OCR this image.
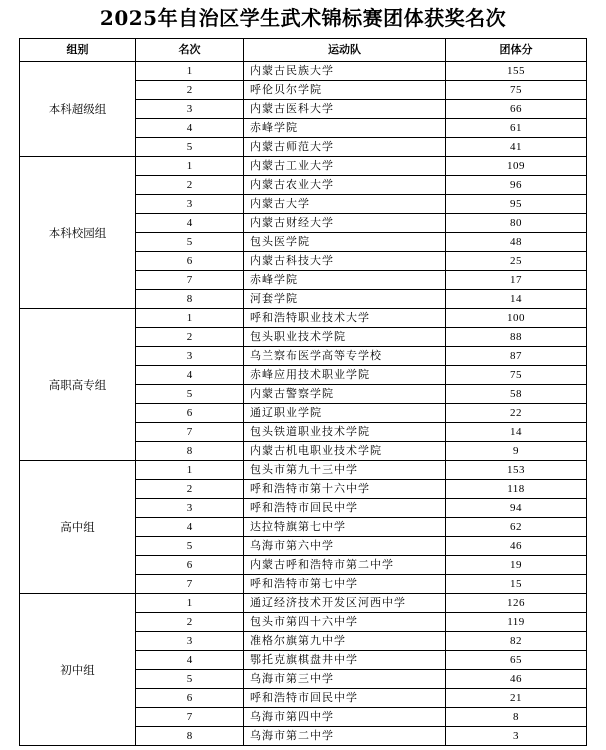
2025年自治区学生武术锦标赛团体获奖名次
组别	名次	运动队	团体分
本科超级组	1	内蒙古民族大学	155
	2	呼伦贝尔学院	75
	3	内蒙古医科大学	66
	4	赤峰学院	61
	5	内蒙古师范大学	41
本科校园组	1	内蒙古工业大学	109
	2	内蒙古农业大学	96
	3	内蒙古大学	95
	4	内蒙古财经大学	80
	5	包头医学院	48
	6	内蒙古科技大学	25
	7	赤峰学院	17
	8	河套学院	14
高职高专组	1	呼和浩特职业技术大学	100
	2	包头职业技术学院	88
	3	乌兰察布医学高等专学校	87
	4	赤峰应用技术职业学院	75
	5	内蒙古警察学院	58
	6	通辽职业学院	22
	7	包头铁道职业技术学院	14
	8	内蒙古机电职业技术学院	9
高中组	1	包头市第九十三中学	153
	2	呼和浩特市第十六中学	118
	3	呼和浩特市回民中学	94
	4	达拉特旗第七中学	62
	5	乌海市第六中学	46
	6	内蒙古呼和浩特市第二中学	19
	7	呼和浩特市第七中学	15
初中组	1	通辽经济技术开发区河西中学	126
	2	包头市第四十六中学	119
	3	准格尔旗第九中学	82
	4	鄂托克旗棋盘井中学	65
	5	乌海市第三中学	46
	6	呼和浩特市回民中学	21
	7	乌海市第四中学	8
	8	乌海市第二中学	3
